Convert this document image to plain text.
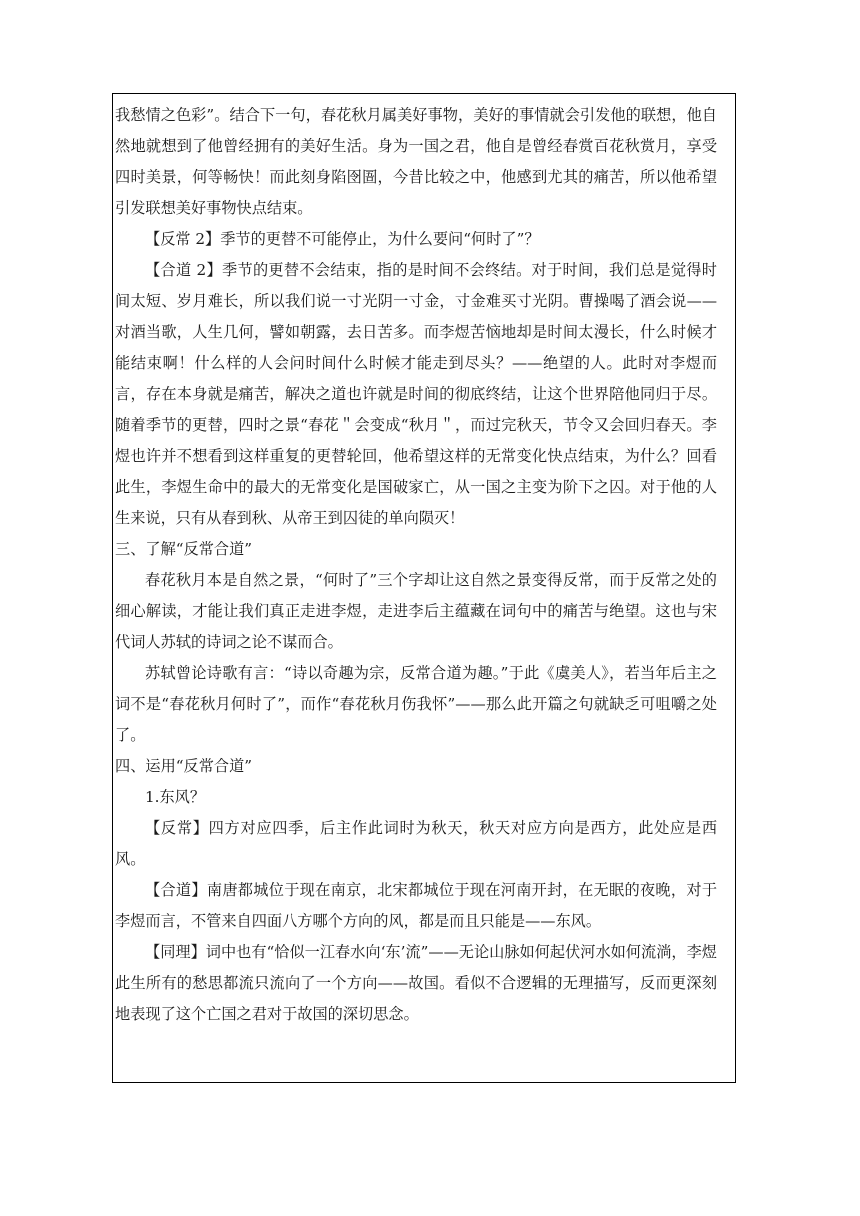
我愁情之色彩”。结合下一句，春花秋月属美好事物，美好的事情就会引发他的联想，他自然地就想到了他曾经拥有的美好生活。身为一国之君，他自是曾经春赏百花秋赏月，享受四时美景，何等畅快！而此刻身陷囹圄，今昔比较之中，他感到尤其的痛苦，所以他希望引发联想美好事物快点结束。

【反常 2】季节的更替不可能停止，为什么要问“何时了”？

【合道 2】季节的更替不会结束，指的是时间不会终结。对于时间，我们总是觉得时间太短、岁月难长，所以我们说一寸光阴一寸金，寸金难买寸光阴。曹操喝了酒会说——对酒当歌，人生几何，譬如朝露，去日苦多。而李煜苦恼地却是时间太漫长，什么时候才能结束啊！什么样的人会问时间什么时候才能走到尽头？——绝望的人。此时对李煜而言，存在本身就是痛苦，解决之道也许就是时间的彻底终结，让这个世界陪他同归于尽。 随着季节的更替，四时之景“春花＂会变成“秋月＂，而过完秋天，节令又会回归春天。李煜也许并不想看到这样重复的更替轮回，他希望这样的无常变化快点结束，为什么？回看此生，李煜生命中的最大的无常变化是国破家亡，从一国之主变为阶下之囚。对于他的人生来说，只有从春到秋、从帝王到囚徒的单向陨灭！

三、了解“反常合道”

春花秋月本是自然之景，“何时了”三个字却让这自然之景变得反常，而于反常之处的细心解读，才能让我们真正走进李煜，走进李后主蕴藏在词句中的痛苦与绝望。这也与宋代词人苏轼的诗词之论不谋而合。

苏轼曾论诗歌有言：“诗以奇趣为宗，反常合道为趣。”于此《虞美人》，若当年后主之词不是“春花秋月何时了”，而作“春花秋月伤我怀”——那么此开篇之句就缺乏可咀嚼之处了。

四、运用“反常合道”

1.东风？

【反常】四方对应四季，后主作此词时为秋天，秋天对应方向是西方，此处应是西风。

【合道】南唐都城位于现在南京，北宋都城位于现在河南开封，在无眠的夜晚，对于李煜而言，不管来自四面八方哪个方向的风，都是而且只能是——东风。

【同理】词中也有“恰似一江春水向‘东’流”——无论山脉如何起伏河水如何流淌，李煜此生所有的愁思都流只流向了一个方向——故国。看似不合逻辑的无理描写，反而更深刻地表现了这个亡国之君对于故国的深切思念。
